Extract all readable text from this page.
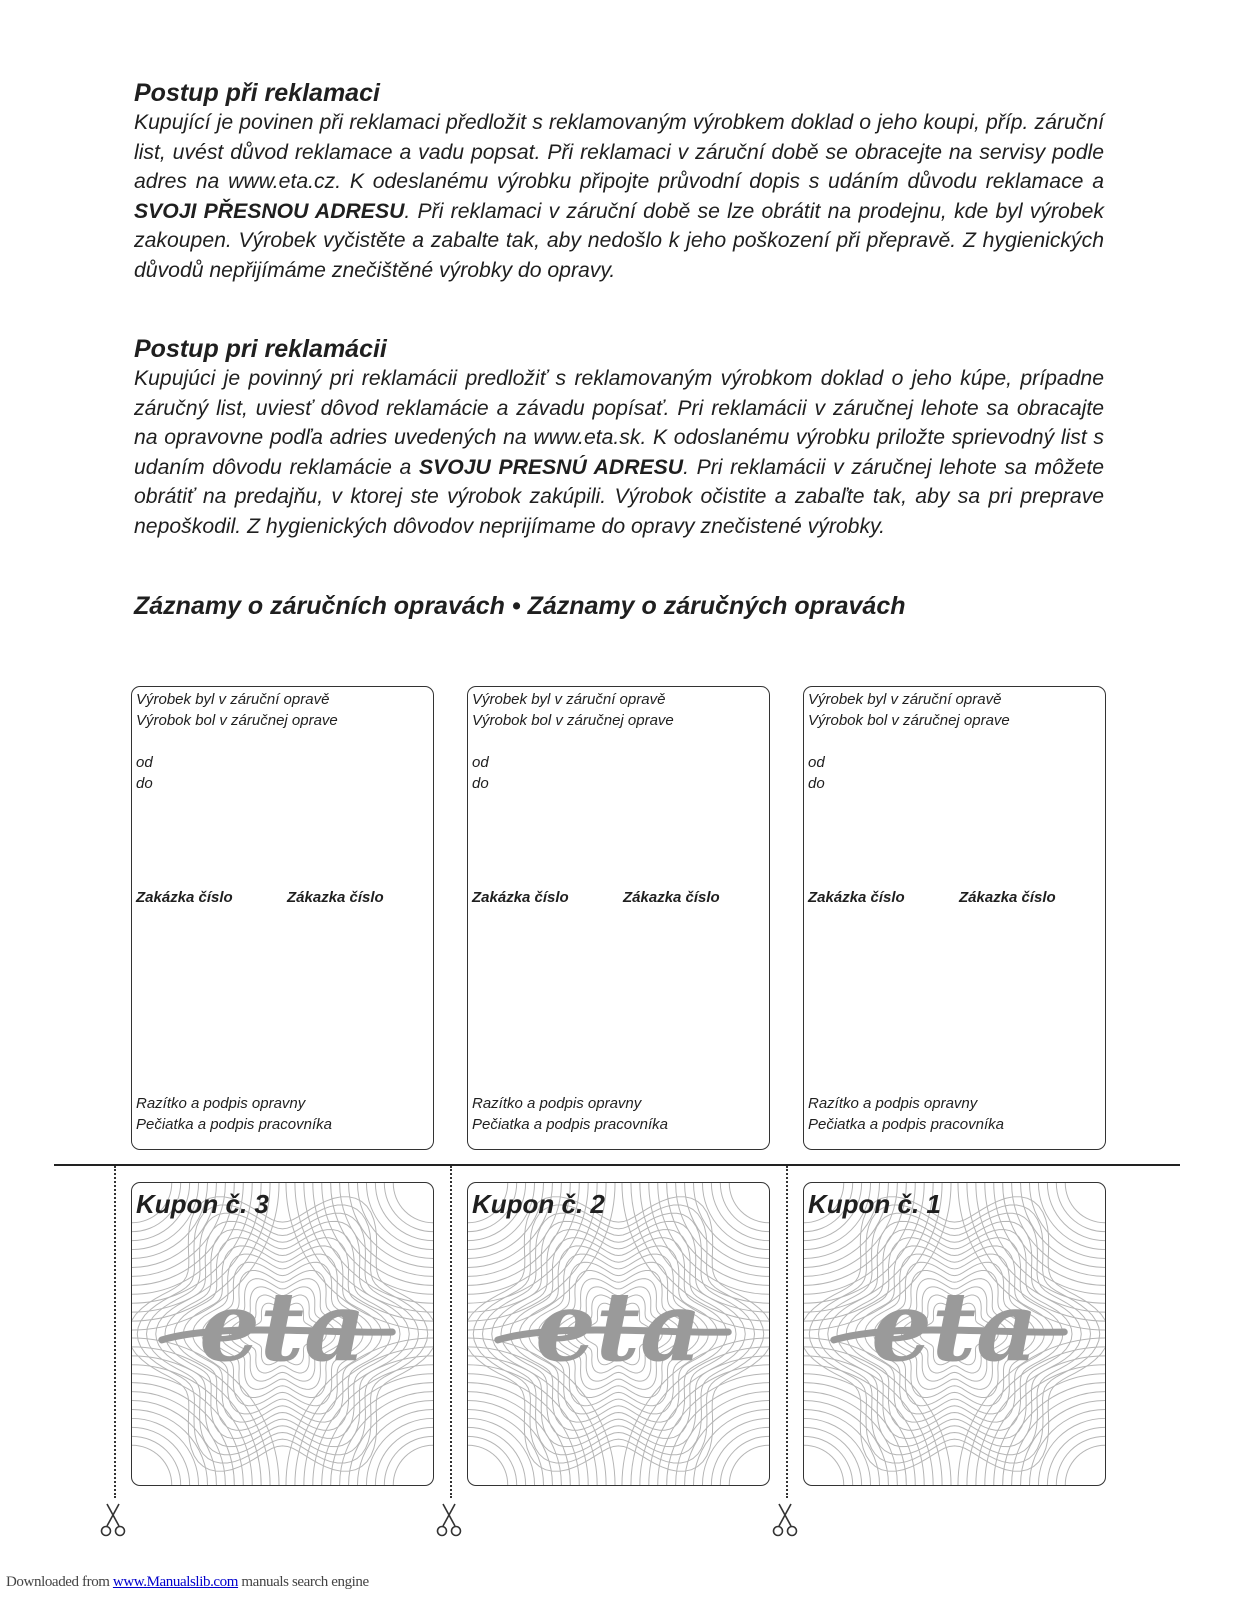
Postup při reklamaci

Kupující je povinen při reklamaci předložit s reklamovaným výrobkem doklad o jeho koupi, příp. záruční list, uvést důvod reklamace a vadu popsat. Při reklamaci v záruční době se obracejte na servisy podle adres na www.eta.cz. K odeslanému výrobku připojte průvodní dopis s udáním důvodu reklamace a SVOJI PŘESNOU ADRESU. Při reklamaci v záruční době se lze obrátit na prodejnu, kde byl výrobek zakoupen. Výrobek vyčistěte a zabalte tak, aby nedošlo k jeho poškození při přepravě. Z hygienických důvodů nepřijímáme znečištěné výrobky do opravy.

Postup pri reklamácii

Kupujúci je povinný pri reklamácii predložiť s reklamovaným výrobkom doklad o jeho kúpe, prípadne záručný list, uviesť dôvod reklamácie a závadu popísať. Pri reklamácii v záručnej lehote sa obracajte na opravovne podľa adries uvedených na www.eta.sk. K odoslanému výrobku priložte sprievodný list s udaním dôvodu reklamácie a SVOJU PRESNÚ ADRESU. Pri reklamácii v záručnej lehote sa môžete obrátiť na predajňu, v ktorej ste výrobok zakúpili. Výrobok očistite a zabaľte tak, aby sa pri preprave nepoškodil. Z hygienických dôvodov neprijímame do opravy znečistené výrobky.

Záznamy o záručních opravách • Záznamy o záručných opravách
Výrobek byl v záruční opravě
Výrobok bol v záručnej oprave
od
do
Zakázka číslo	Zákazka číslo
Razítko a podpis opravny
Pečiatka a podpis pracovníka
Výrobek byl v záruční opravě
Výrobok bol v záručnej oprave
od
do
Zakázka číslo	Zákazka číslo
Razítko a podpis opravny
Pečiatka a podpis pracovníka
Výrobek byl v záruční opravě
Výrobok bol v záručnej oprave
od
do
Zakázka číslo	Zákazka číslo
Razítko a podpis opravny
Pečiatka a podpis pracovníka
eta
Kupon č. 3
eta
Kupon č. 2
eta
Kupon č. 1
Downloaded from www.Manualslib.com manuals search engine
